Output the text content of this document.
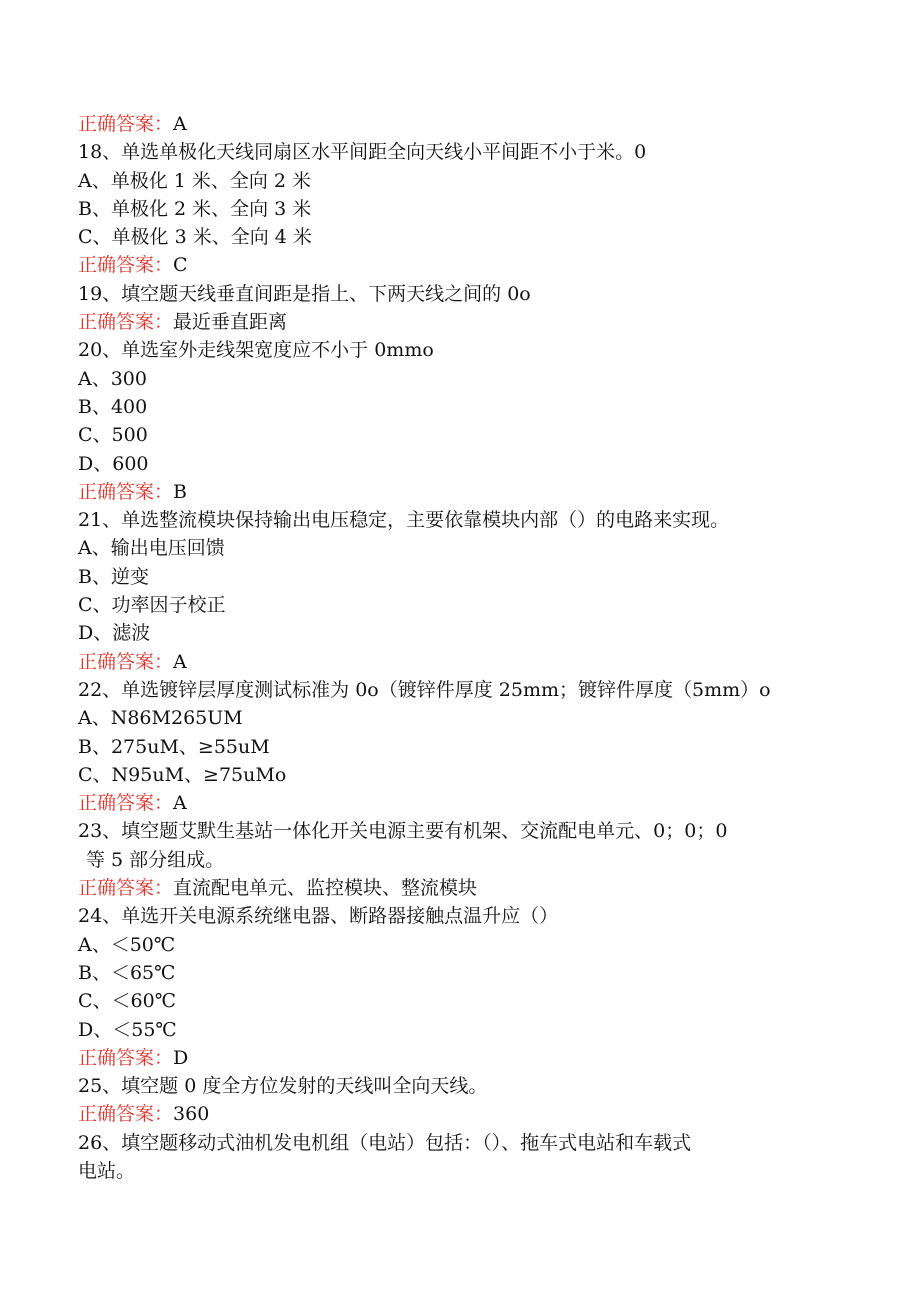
正确答案：A
18、单选单极化天线同扇区水平间距全向天线小平间距不小于米。0
A、单极化 1 米、全向 2 米
B、单极化 2 米、全向 3 米
C、单极化 3 米、全向 4 米
正确答案：C
19、填空题天线垂直间距是指上、下两天线之间的 0o
正确答案：最近垂直距离
20、单选室外走线架宽度应不小于 0mmo
A、300
B、400
C、500
D、600
正确答案：B
21、单选整流模块保持输出电压稳定，主要依靠模块内部（）的电路来实现。
A、输出电压回馈
B、逆变
C、功率因子校正
D、滤波
正确答案：A
22、单选镀锌层厚度测试标准为 0o（镀锌件厚度 25mm；镀锌件厚度（5mm）o
A、N86M265UM
B、275uM、≥55uM
C、N95uM、≥75uMo
正确答案：A
23、填空题艾默生基站一体化开关电源主要有机架、交流配电单元、0；0；0
等 5 部分组成。
正确答案：直流配电单元、监控模块、整流模块
24、单选开关电源系统继电器、断路器接触点温升应（）
A、＜50℃
B、＜65℃
C、＜60℃
D、＜55℃
正确答案：D
25、填空题 0 度全方位发射的天线叫全向天线。
正确答案：360
26、填空题移动式油机发电机组（电站）包括：（）、拖车式电站和车载式
电站。
